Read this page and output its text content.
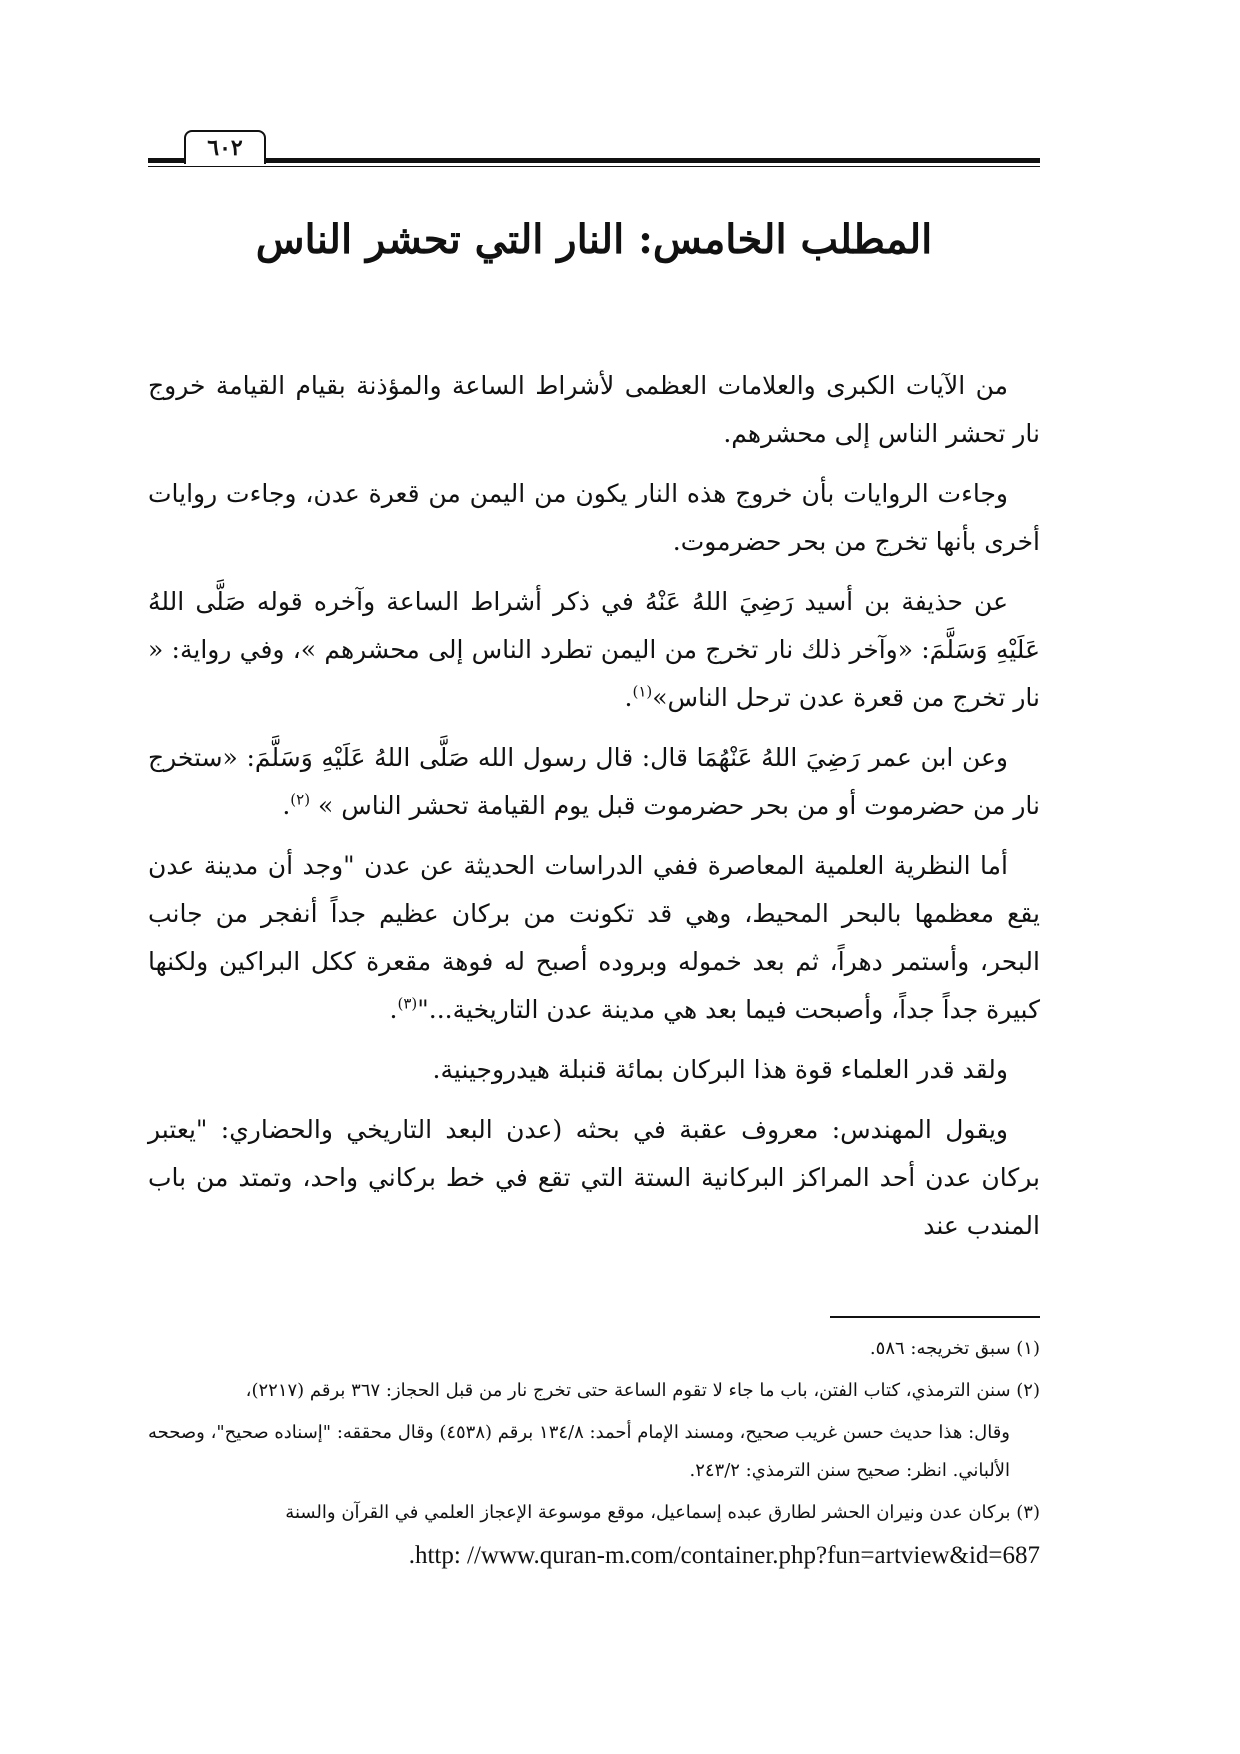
٦٠٢
المطلب الخامس: النار التي تحشر الناس

من الآيات الكبرى والعلامات العظمى لأشراط الساعة والمؤذنة بقيام القيامة خروج نار تحشر الناس إلى محشرهم.

وجاءت الروايات بأن خروج هذه النار يكون من اليمن من قعرة عدن، وجاءت روايات أخرى بأنها تخرج من بحر حضرموت.

عن حذيفة بن أسيد رَضِيَ اللهُ عَنْهُ في ذكر أشراط الساعة وآخره قوله صَلَّى اللهُ عَلَيْهِ وَسَلَّمَ: «وآخر ذلك نار تخرج من اليمن تطرد الناس إلى محشرهم »، وفي رواية: « نار تخرج من قعرة عدن ترحل الناس»$^{(١)}$.

وعن ابن عمر رَضِيَ اللهُ عَنْهُمَا قال: قال رسول الله صَلَّى اللهُ عَلَيْهِ وَسَلَّمَ: «ستخرج نار من حضرموت أو من بحر حضرموت قبل يوم القيامة تحشر الناس » $^{(٢)}$.

أما النظرية العلمية المعاصرة ففي الدراسات الحديثة عن عدن "وجد أن مدينة عدن يقع معظمها بالبحر المحيط، وهي قد تكونت من بركان عظيم جداً أنفجر من جانب البحر، وأستمر دهراً، ثم بعد خموله وبروده أصبح له فوهة مقعرة ككل البراكين ولكنها كبيرة جداً جداً، وأصبحت فيما بعد هي مدينة عدن التاريخية..."$^{(٣)}$.

ولقد قدر العلماء قوة هذا البركان بمائة قنبلة هيدروجينية.

ويقول المهندس: معروف عقبة في بحثه (عدن البعد التاريخي والحضاري: "يعتبر بركان عدن أحد المراكز البركانية الستة التي تقع في خط بركاني واحد، وتمتد من باب المندب عند

(١) سبق تخريجه: ٥٨٦.
(٢) سنن الترمذي، كتاب الفتن، باب ما جاء لا تقوم الساعة حتى تخرج نار من قبل الحجاز: ٣٦٧ برقم (٢٢١٧)،
وقال: هذا حديث حسن غريب صحيح، ومسند الإمام أحمد: ١٣٤/٨ برقم (٤٥٣٨) وقال محققه: "إسناده صحيح"، وصححه الألباني. انظر: صحيح سنن الترمذي: ٢٤٣/٢.
(٣) بركان عدن ونيران الحشر لطارق عبده إسماعيل، موقع موسوعة الإعجاز العلمي في القرآن والسنة
.http: //www.quran-m.com/container.php?fun=artview&id=687
